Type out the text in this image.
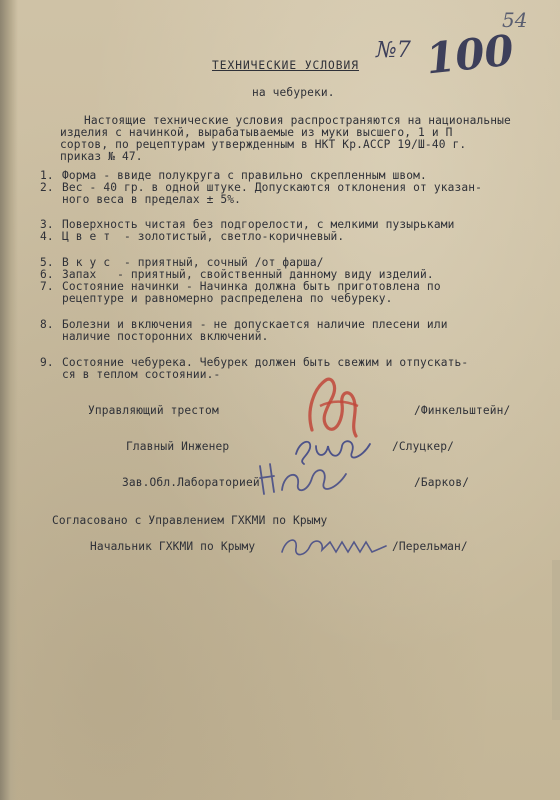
54
№7 100
ТЕХНИЧЕСКИЕ УСЛОВИЯ
на чебуреки.
Настоящие технические условия распространяются на национальные
изделия с начинкой, вырабатываемые из муки высшего, 1 и П
сортов, по рецептурам утвержденным в НКТ Кр.АССР 19/Ш-40 г.
приказ № 47.
1. Форма - ввиде полукруга с правильно скрепленным швом.
2. Вес - 40 гр. в одной штуке. Допускаются отклонения от указан-
ного веса в пределах ± 5%.
3. Поверхность чистая без подгорелости, с мелкими пузырьками
4. Ц в е т  - золотистый, светло-коричневый.
5. В к у с  - приятный, сочный /от фарша/
6. Запах   - приятный, свойственный данному виду изделий.
7. Состояние начинки - Начинка должна быть приготовлена по
рецептуре и равномерно распределена по чебуреку.
8. Болезни и включения - не допускается наличие плесени или
наличие посторонних включений.
9. Состояние чебурека. Чебурек должен быть свежим и отпускать-
ся в теплом состоянии.-
Управляющий трестом	/Финкельштейн/
Главный Инженер	/Слуцкер/
Зав.Обл.Лабораторией	/Барков/
Согласовано с Управлением ГХКМИ по Крыму
Начальник ГХКМИ по Крыму	/Перельман/
